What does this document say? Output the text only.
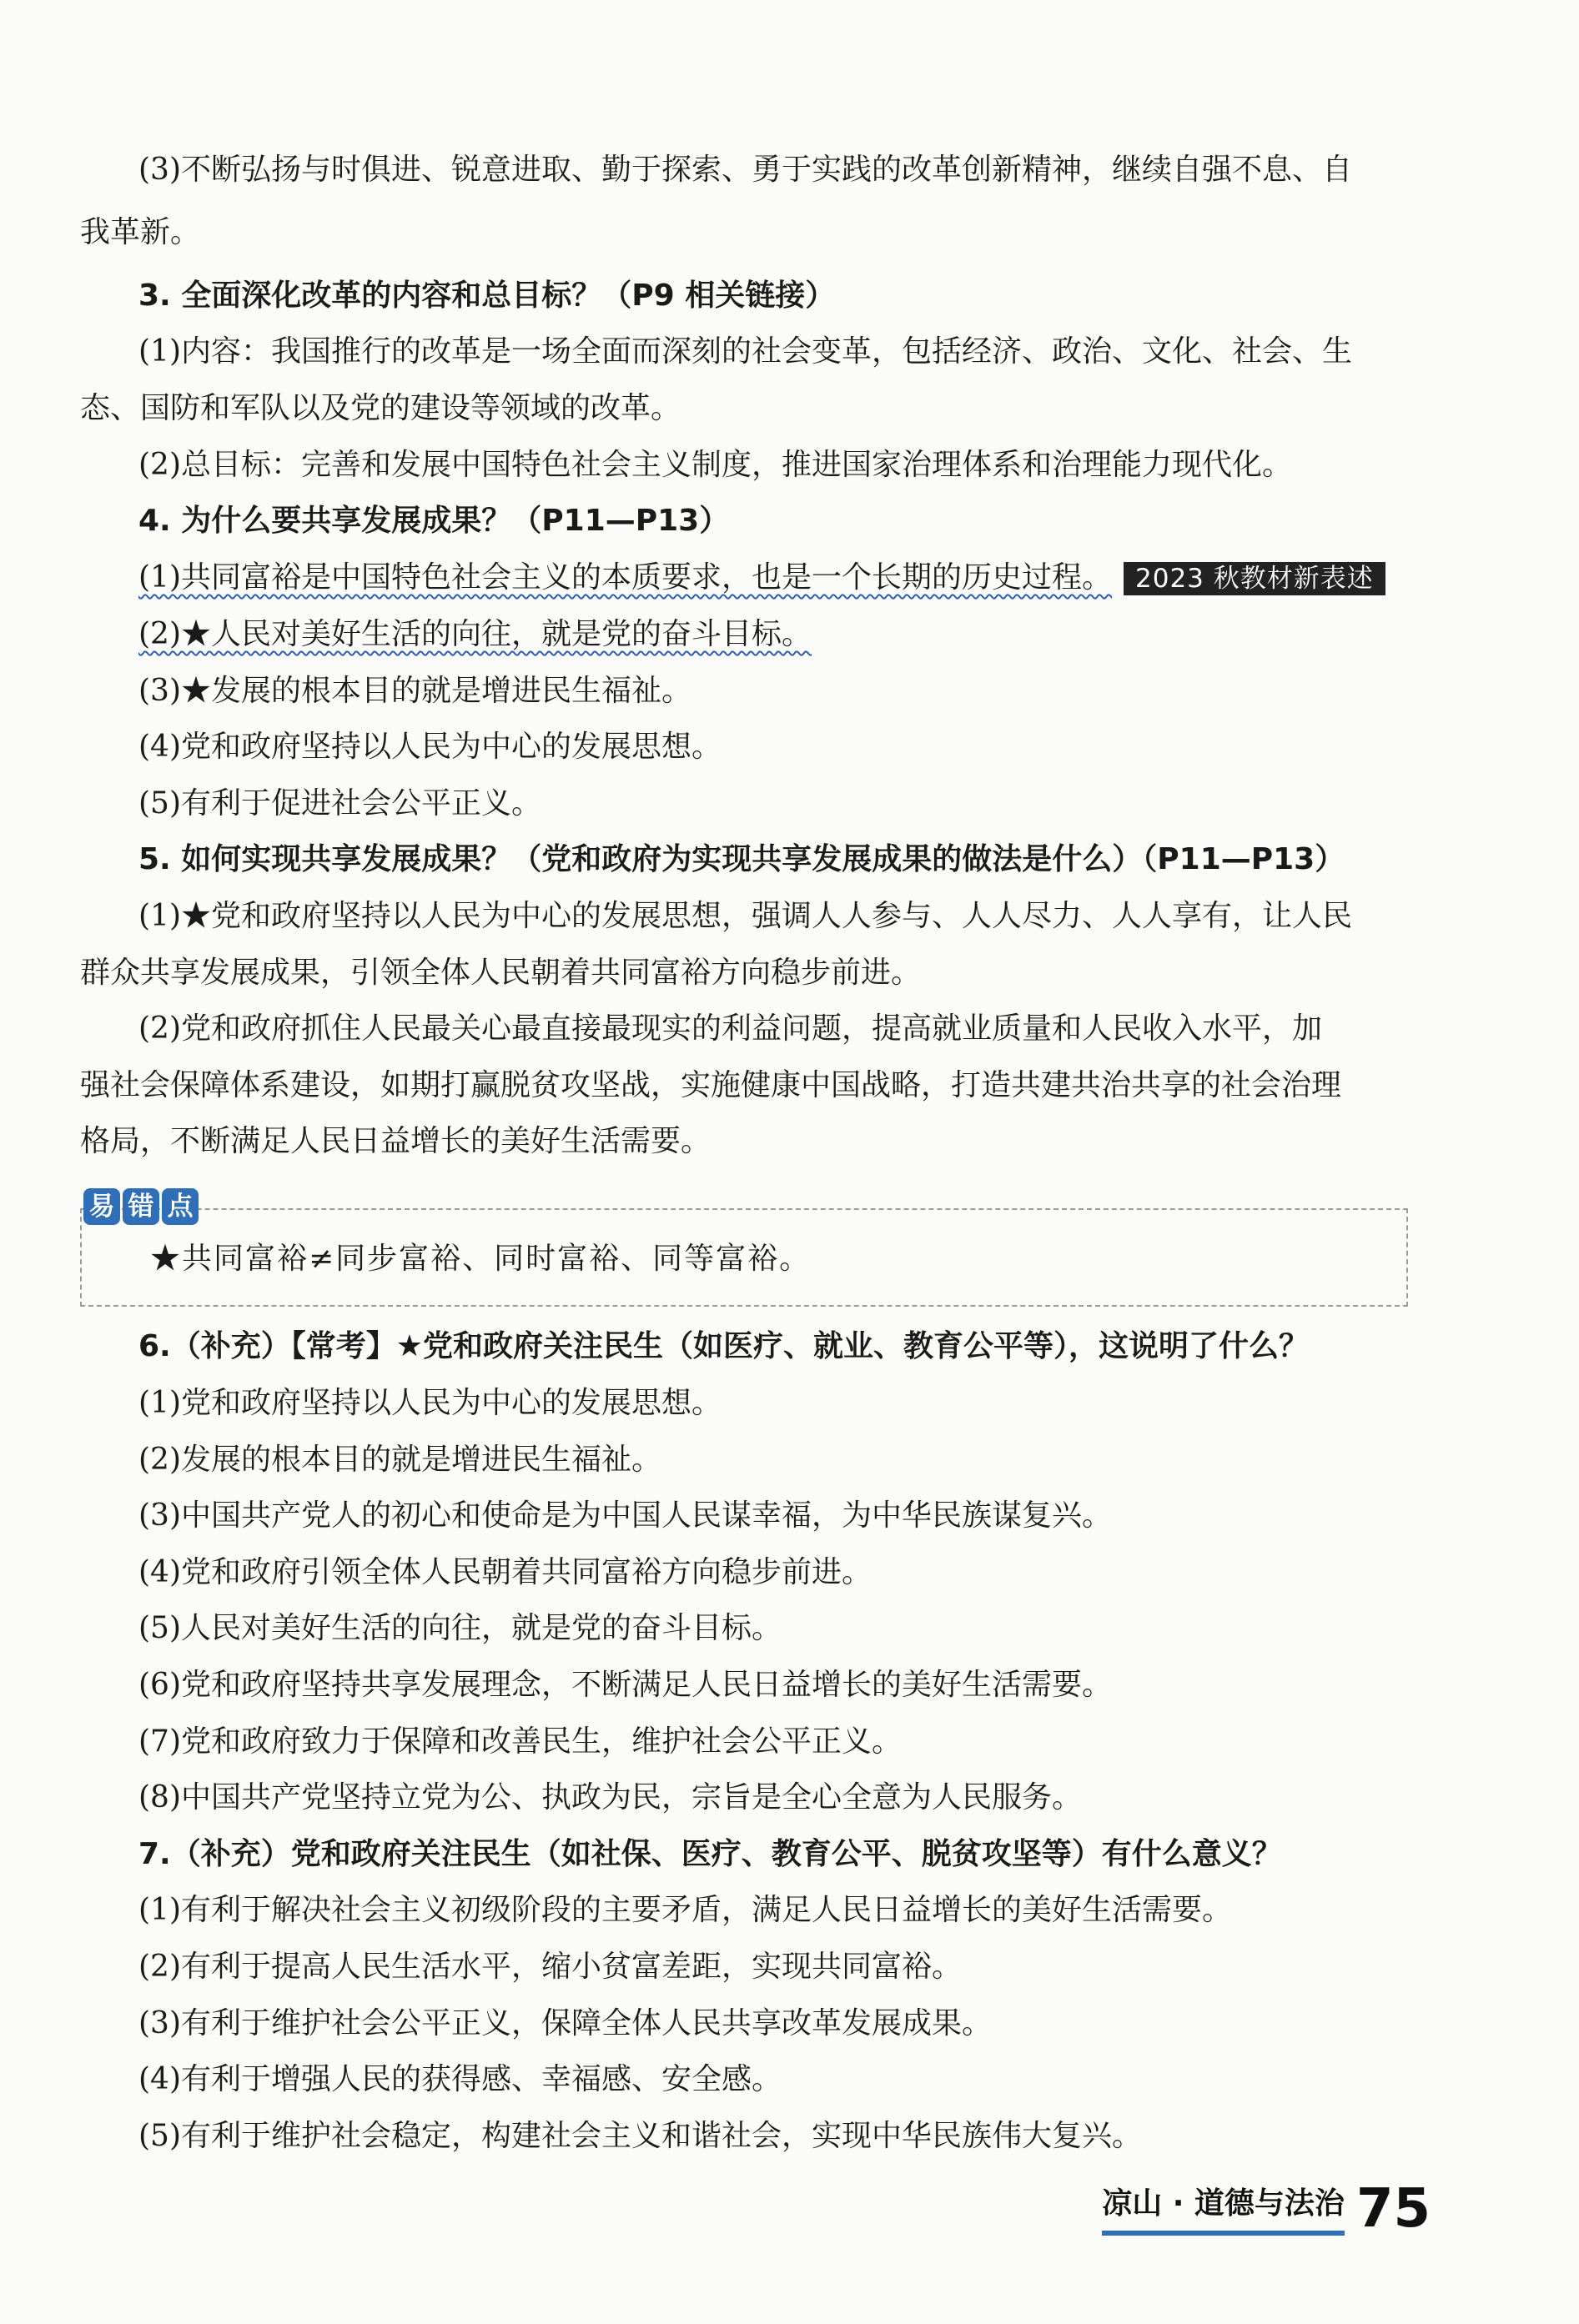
(3)不断弘扬与时俱进、锐意进取、勤于探索、勇于实践的改革创新精神，继续自强不息、自
我革新。
3. 全面深化改革的内容和总目标？（P9 相关链接）
(1)内容：我国推行的改革是一场全面而深刻的社会变革，包括经济、政治、文化、社会、生
态、国防和军队以及党的建设等领域的改革。
(2)总目标：完善和发展中国特色社会主义制度，推进国家治理体系和治理能力现代化。
4. 为什么要共享发展成果？（P11—P13）
(1)共同富裕是中国特色社会主义的本质要求，也是一个长期的历史过程。 2023 秋教材新表述
(2)★人民对美好生活的向往，就是党的奋斗目标。
(3)★发展的根本目的就是增进民生福祉。
(4)党和政府坚持以人民为中心的发展思想。
(5)有利于促进社会公平正义。
5. 如何实现共享发展成果？（党和政府为实现共享发展成果的做法是什么）（P11—P13）
(1)★党和政府坚持以人民为中心的发展思想，强调人人参与、人人尽力、人人享有，让人民
群众共享发展成果，引领全体人民朝着共同富裕方向稳步前进。
(2)党和政府抓住人民最关心最直接最现实的利益问题，提高就业质量和人民收入水平，加
强社会保障体系建设，如期打赢脱贫攻坚战，实施健康中国战略，打造共建共治共享的社会治理
格局，不断满足人民日益增长的美好生活需要。
易 错 点
★共同富裕≠同步富裕、同时富裕、同等富裕。
6.（补充）【常考】★党和政府关注民生（如医疗、就业、教育公平等），这说明了什么？
(1)党和政府坚持以人民为中心的发展思想。
(2)发展的根本目的就是增进民生福祉。
(3)中国共产党人的初心和使命是为中国人民谋幸福，为中华民族谋复兴。
(4)党和政府引领全体人民朝着共同富裕方向稳步前进。
(5)人民对美好生活的向往，就是党的奋斗目标。
(6)党和政府坚持共享发展理念，不断满足人民日益增长的美好生活需要。
(7)党和政府致力于保障和改善民生，维护社会公平正义。
(8)中国共产党坚持立党为公、执政为民，宗旨是全心全意为人民服务。
7.（补充）党和政府关注民生（如社保、医疗、教育公平、脱贫攻坚等）有什么意义？
(1)有利于解决社会主义初级阶段的主要矛盾，满足人民日益增长的美好生活需要。
(2)有利于提高人民生活水平，缩小贫富差距，实现共同富裕。
(3)有利于维护社会公平正义，保障全体人民共享改革发展成果。
(4)有利于增强人民的获得感、幸福感、安全感。
(5)有利于维护社会稳定，构建社会主义和谐社会，实现中华民族伟大复兴。
凉山 · 道德与法治 75
